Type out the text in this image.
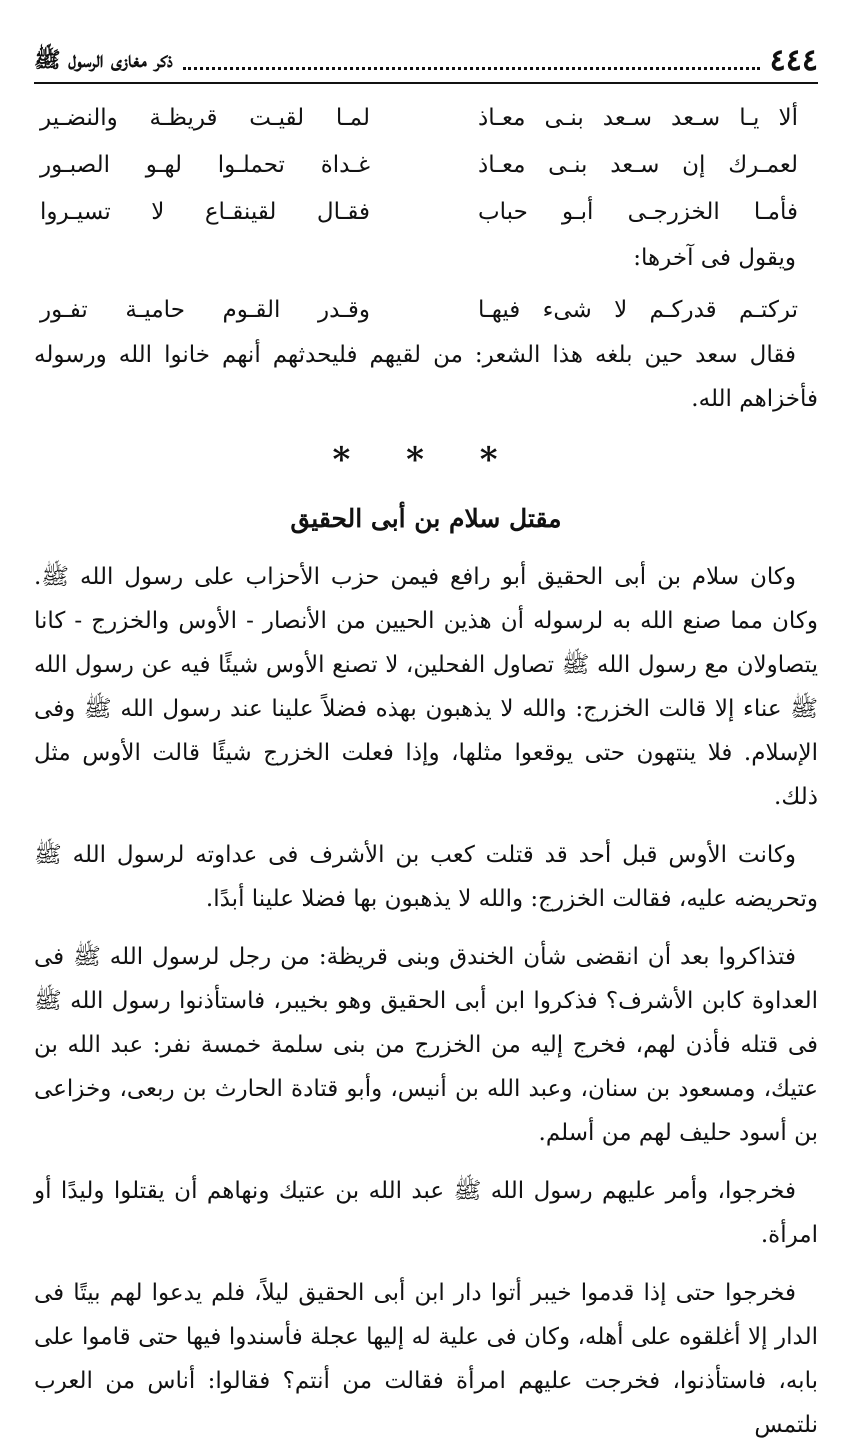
٤٤٤
ذكر مغازى الرسول ﷺ
ألا يـا سـعد سـعد بنـى معـاذ
لمـا لقيـت قريظـة والنضـير
لعمـرك إن سـعد بنـى معـاذ
غـداة تحملـوا لهـو الصبـور
فأمـا الخزرجـى أبـو حباب
فقـال لقينقـاع لا تسيـروا
ويقول فى آخرها:
تركتـم قدركـم لا شىء فيهـا
وقـدر القـوم حاميـة تفـور

فقال سعد حين بلغه هذا الشعر: من لقيهم فليحدثهم أنهم خانوا الله ورسوله فأخزاهم الله.

* * *
مقتل سلام بن أبى الحقيق

وكان سلام بن أبى الحقيق أبو رافع فيمن حزب الأحزاب على رسول الله ﷺ. وكان مما صنع الله به لرسوله أن هذين الحيين من الأنصار - الأوس والخزرج - كانا يتصاولان مع رسول الله ﷺ تصاول الفحلين، لا تصنع الأوس شيئًا فيه عن رسول الله ﷺ عناء إلا قالت الخزرج: والله لا يذهبون بهذه فضلاً علينا عند رسول الله ﷺ وفى الإسلام. فلا ينتهون حتى يوقعوا مثلها، وإذا فعلت الخزرج شيئًا قالت الأوس مثل ذلك.

وكانت الأوس قبل أحد قد قتلت كعب بن الأشرف فى عداوته لرسول الله ﷺ وتحريضه عليه، فقالت الخزرج: والله لا يذهبون بها فضلا علينا أبدًا.

فتذاكروا بعد أن انقضى شأن الخندق وبنى قريظة: من رجل لرسول الله ﷺ فى العداوة كابن الأشرف؟ فذكروا ابن أبى الحقيق وهو بخيبر، فاستأذنوا رسول الله ﷺ فى قتله فأذن لهم، فخرج إليه من الخزرج من بنى سلمة خمسة نفر: عبد الله بن عتيك، ومسعود بن سنان، وعبد الله بن أنيس، وأبو قتادة الحارث بن ربعى، وخزاعى بن أسود حليف لهم من أسلم.

فخرجوا، وأمر عليهم رسول الله ﷺ عبد الله بن عتيك ونهاهم أن يقتلوا وليدًا أو امرأة.

فخرجوا حتى إذا قدموا خيبر أتوا دار ابن أبى الحقيق ليلاً، فلم يدعوا لهم بيتًا فى الدار إلا أغلقوه على أهله، وكان فى علية له إليها عجلة فأسندوا فيها حتى قاموا على بابه، فاستأذنوا، فخرجت عليهم امرأة فقالت من أنتم؟ فقالوا: أناس من العرب نلتمس
